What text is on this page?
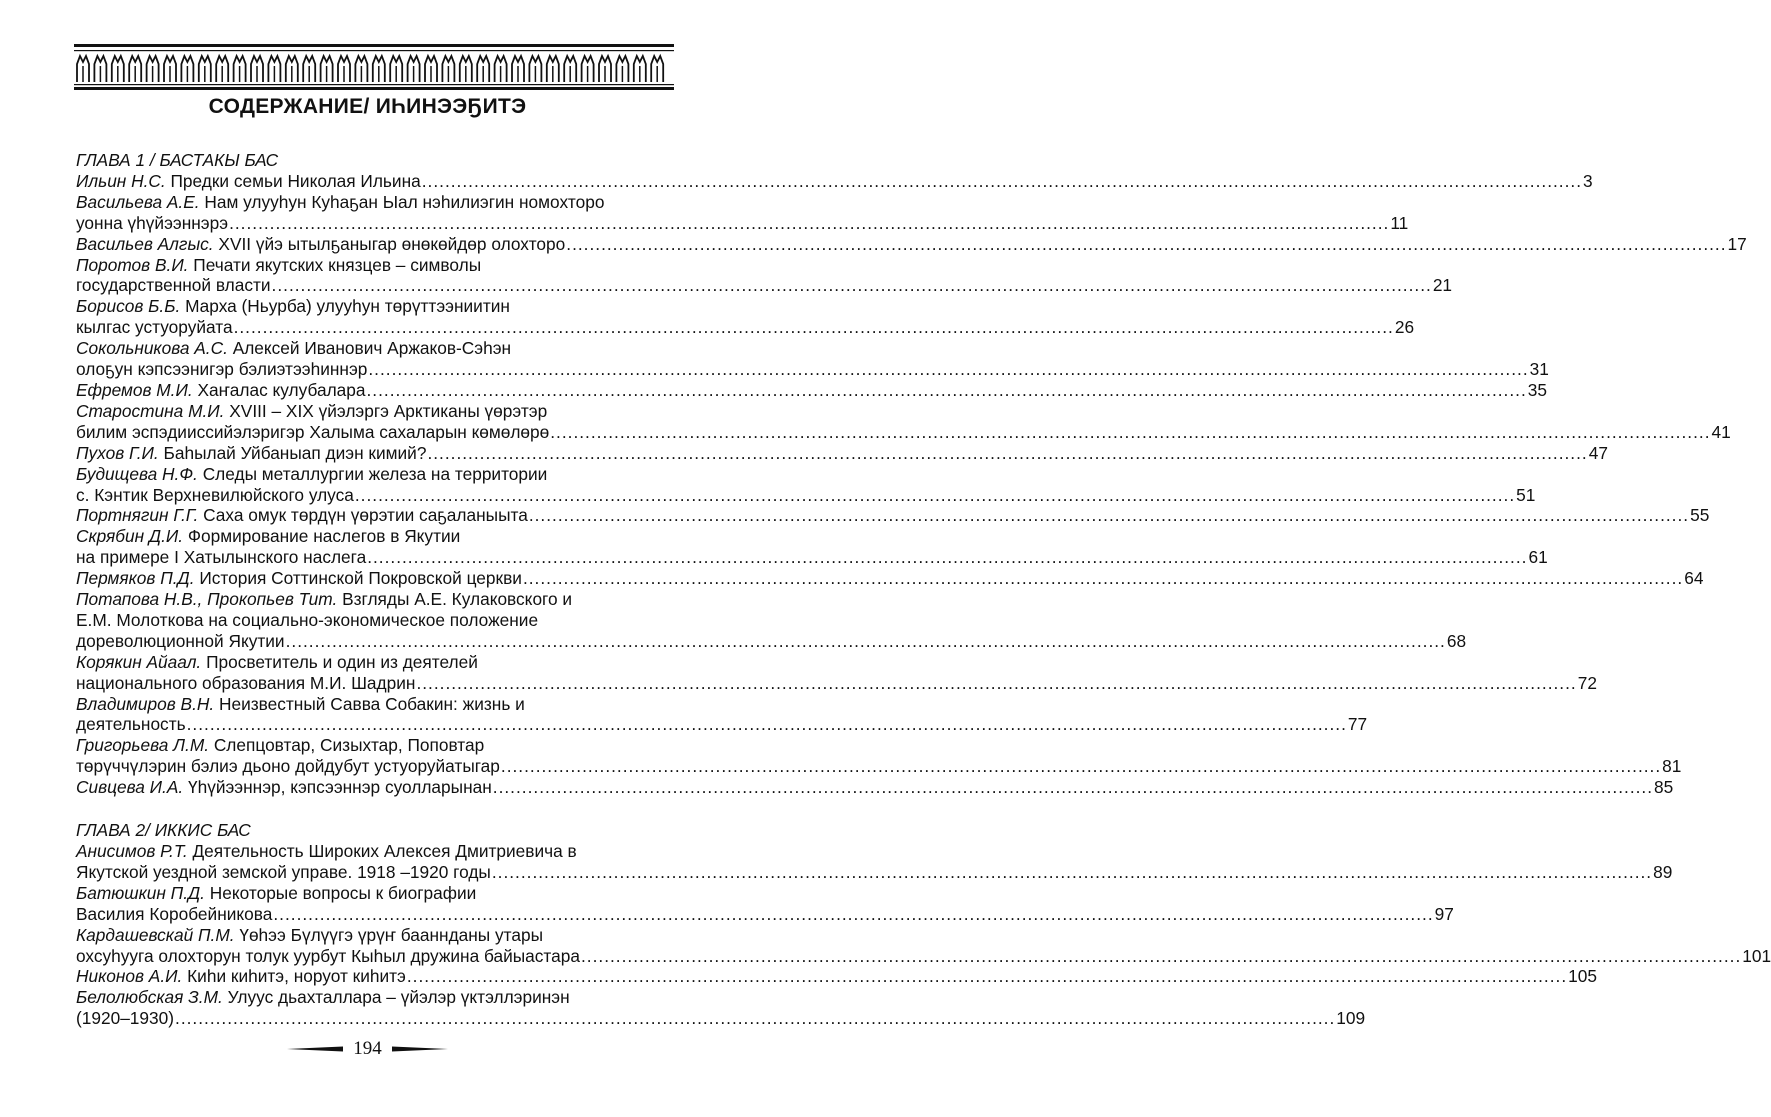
СОДЕРЖАНИЕ/ ИҺИНЭЭҔИТЭ
ГЛАВА 1 / БАСТАКЫ БАС
Ильин Н.С. Предки семьи Николая Ильина ........................................................................................................................................................................................................ 3
Васильева А.Е. Нам улууһун Куһаҕан Ыал нэһилиэгин номохторо
уонна үһүйээннэрэ ........................................................................................................................................................................................................ 11
Васильев Алгыс. XVII үйэ ытылҕаныгар өнөкөйдөр олохторо ........................................................................................................................................................................................................ 17
Поротов В.И. Печати якутских князцев – символы
государственной власти ........................................................................................................................................................................................................ 21
Борисов Б.Б. Марха (Ньурба) улууһун төрүттээниитин
кылгас устуоруйата ........................................................................................................................................................................................................ 26
Сокольникова А.С. Алексей Иванович Аржаков-Сэһэн
олоҕун кэпсээнигэр бэлиэтээһиннэр ........................................................................................................................................................................................................ 31
Ефремов М.И. Хаҥалас кулубалара ........................................................................................................................................................................................................ 35
Старостина М.И. XVIII – XIX үйэлэргэ Арктиканы үөрэтэр
билим эспэдииссийэлэригэр Халыма сахаларын көмөлөрө ........................................................................................................................................................................................................ 41
Пухов Г.И. Баһылай Уйбаныап диэн кимий? ........................................................................................................................................................................................................ 47
Будищева Н.Ф. Следы металлургии железа на территории
с. Кэнтик Верхневилюйского улуса ........................................................................................................................................................................................................ 51
Портнягин Г.Г. Саха омук төрдүн үөрэтии саҕаланыыта ........................................................................................................................................................................................................ 55
Скрябин Д.И. Формирование наслегов в Якутии
на примере I Хатылынского наслега ........................................................................................................................................................................................................ 61
Пермяков П.Д. История Соттинской Покровской церкви ........................................................................................................................................................................................................ 64
Потапова Н.В., Прокопьев Тит. Взгляды А.Е. Кулаковского и
Е.М. Молоткова на социально-экономическое положение
дореволюционной Якутии ........................................................................................................................................................................................................ 68
Корякин Айаал. Просветитель и один из деятелей
национального образования М.И. Шадрин ........................................................................................................................................................................................................ 72
Владимиров В.Н. Неизвестный Савва Собакин: жизнь и
деятельность ........................................................................................................................................................................................................ 77
Григорьева Л.М. Слепцовтар, Сизыхтар, Поповтар
төрүччүлэрин бэлиэ дьоно дойдубут устуоруйатыгар ........................................................................................................................................................................................................ 81
Сивцева И.А. Үһүйээннэр, кэпсээннэр суолларынан ........................................................................................................................................................................................................ 85
ГЛАВА 2/ ИККИС БАС
Анисимов Р.Т. Деятельность Широких Алексея Дмитриевича в
Якутской уездной земской управе. 1918 –1920 годы ........................................................................................................................................................................................................ 89
Батюшкин П.Д. Некоторые вопросы к биографии
Василия Коробейникова ........................................................................................................................................................................................................ 97
Кардашевскай П.М. Үөһээ Бүлүүгэ үрүҥ бааннданы утары
охсуһууга олохторун толук уурбут Кыһыл дружина байыастара ........................................................................................................................................................................................................ 101
Никонов А.И. Киһи киһитэ, норуот киһитэ ........................................................................................................................................................................................................ 105
Белолюбская З.М. Улуус дьахталлара – үйэлэр үктэллэринэн
(1920–1930) ........................................................................................................................................................................................................ 109
194
